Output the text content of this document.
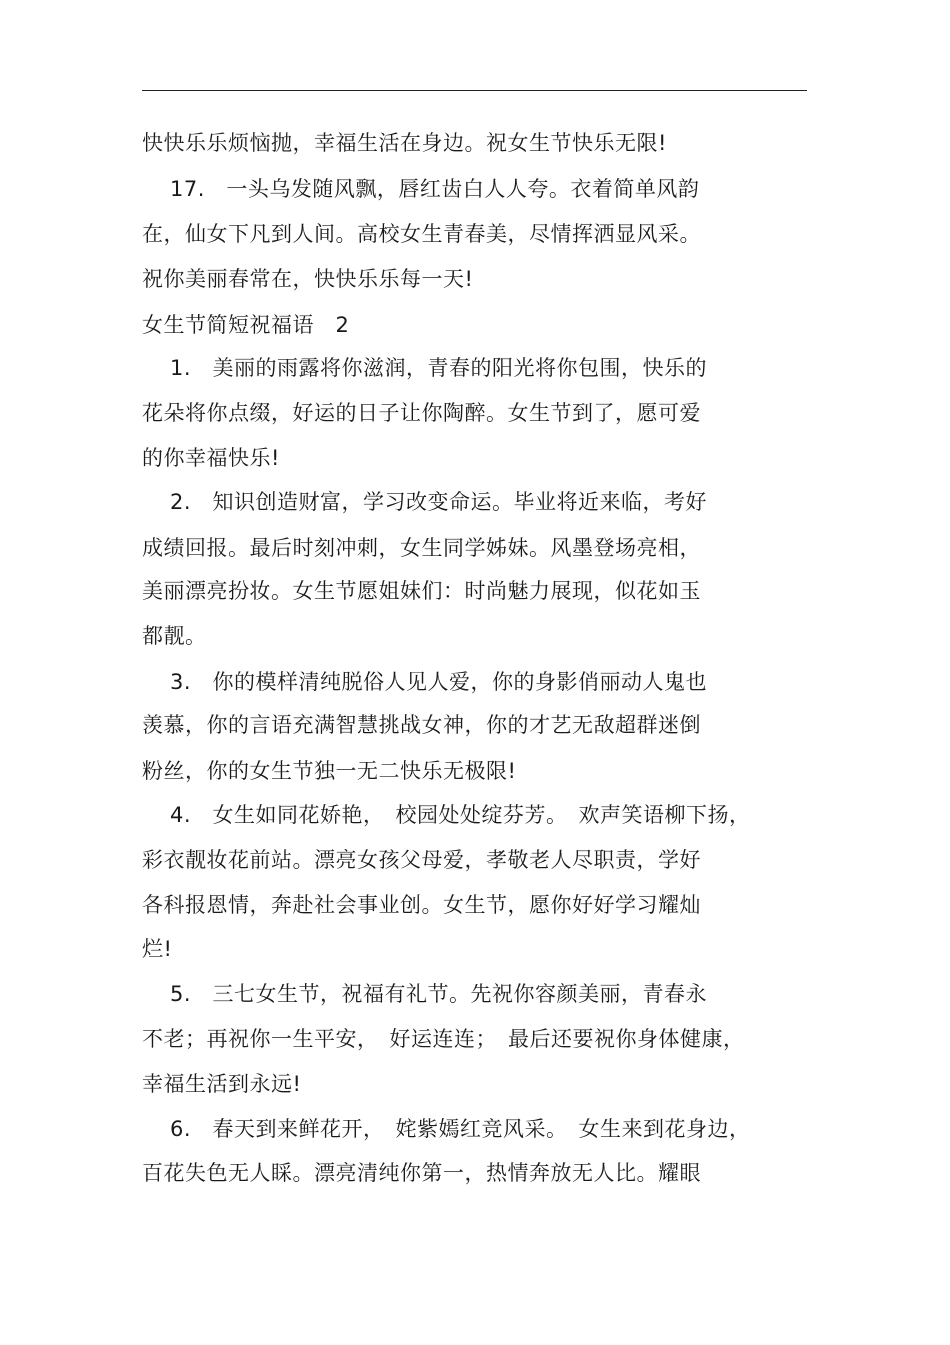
快快乐乐烦恼抛，幸福生活在身边。祝女生节快乐无限!
17.　一头乌发随风飘，唇红齿白人人夸。衣着简单风韵
在，仙女下凡到人间。高校女生青春美，尽情挥洒显风采。
祝你美丽春常在，快快乐乐每一天!
女生节简短祝福语　2
1.　美丽的雨露将你滋润，青春的阳光将你包围，快乐的
花朵将你点缀，好运的日子让你陶醉。女生节到了，愿可爱
的你幸福快乐!
2.　知识创造财富，学习改变命运。毕业将近来临，考好
成绩回报。最后时刻冲刺，女生同学姊妹。风墨登场亮相，
美丽漂亮扮妆。女生节愿姐妹们：时尚魅力展现，似花如玉
都靓。
3.　你的模样清纯脱俗人见人爱，你的身影俏丽动人鬼也
羡慕，你的言语充满智慧挑战女神，你的才艺无敌超群迷倒
粉丝，你的女生节独一无二快乐无极限!
4.　女生如同花娇艳，　校园处处绽芬芳。　欢声笑语柳下扬，
彩衣靓妆花前站。漂亮女孩父母爱，孝敬老人尽职责，学好
各科报恩情，奔赴社会事业创。女生节，愿你好好学习耀灿
烂!
5.　三七女生节，祝福有礼节。先祝你容颜美丽，青春永
不老；再祝你一生平安，　好运连连；　最后还要祝你身体健康，
幸福生活到永远!
6.　春天到来鲜花开，　姹紫嫣红竞风采。　女生来到花身边，
百花失色无人睬。漂亮清纯你第一，热情奔放无人比。耀眼
